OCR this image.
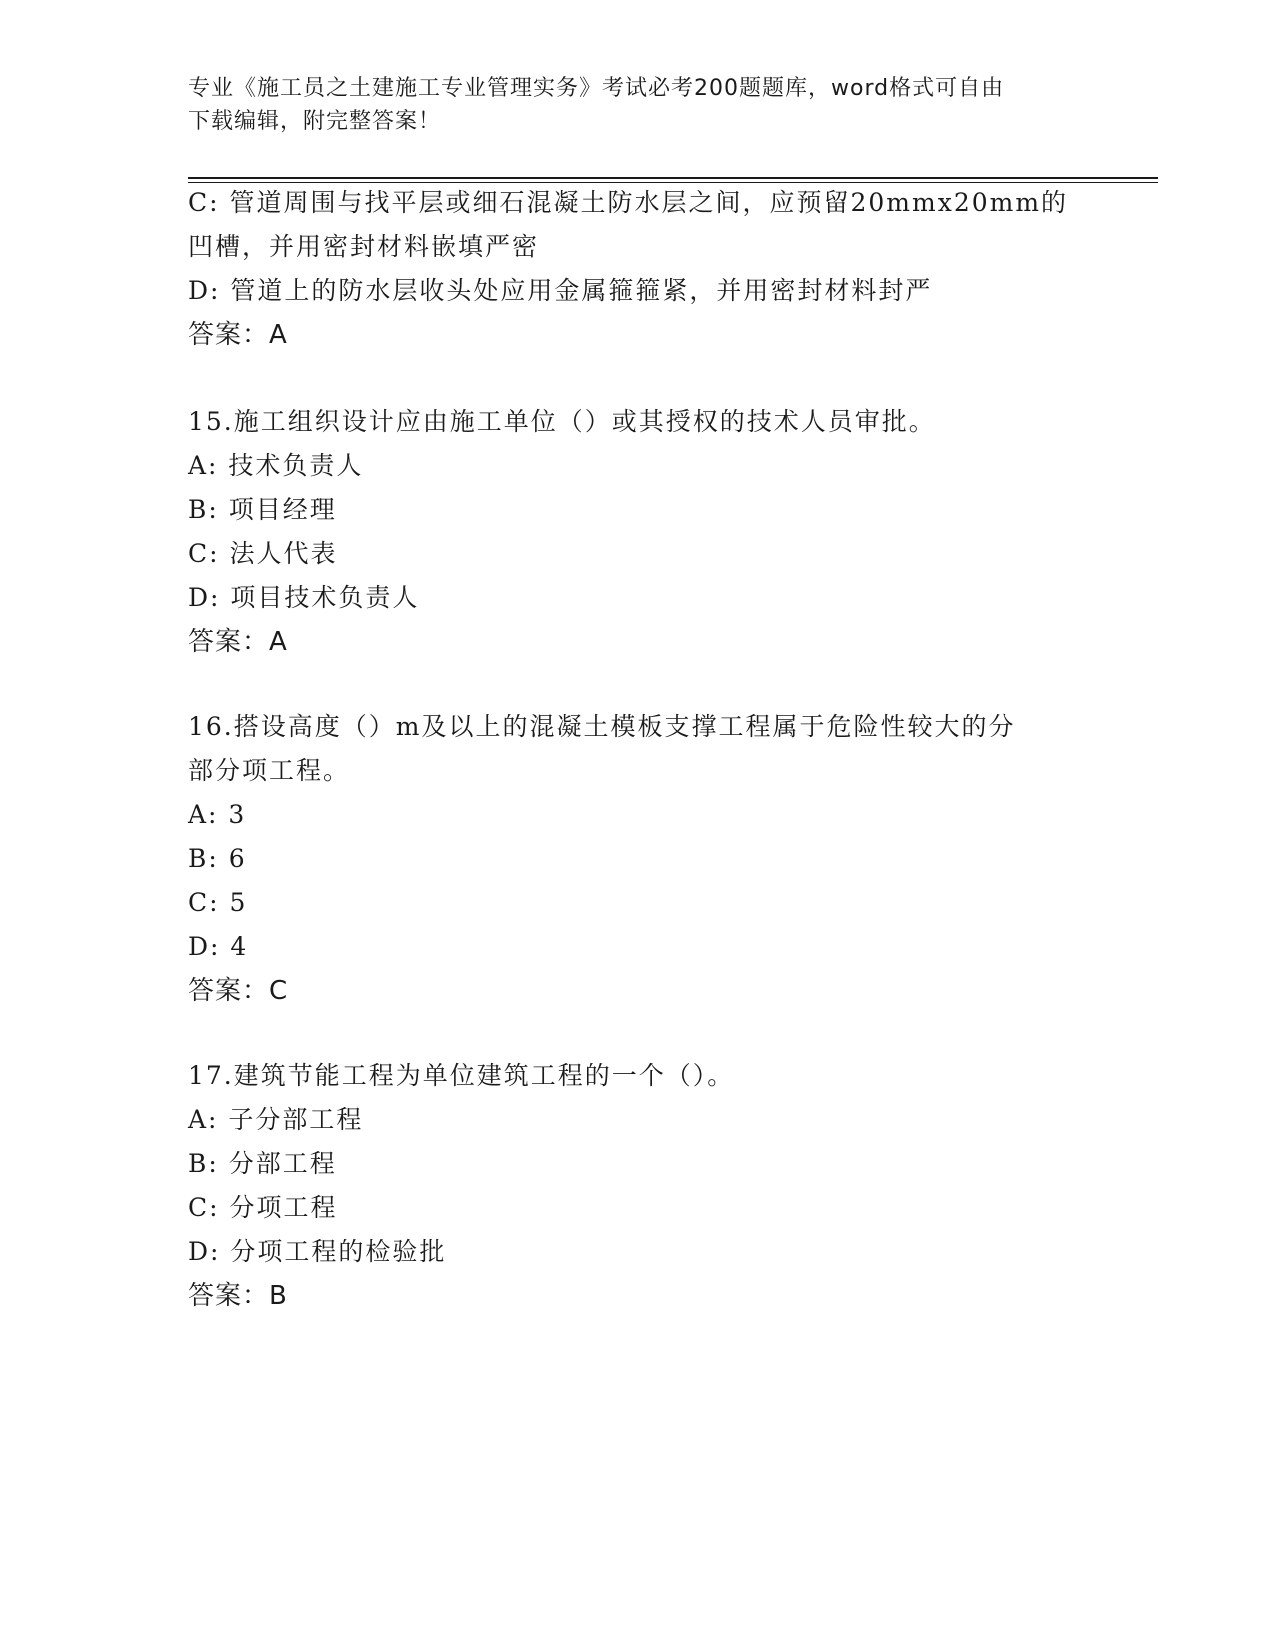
专业《施工员之土建施工专业管理实务》考试必考200题题库，word格式可自由
下载编辑，附完整答案！
C: 管道周围与找平层或细石混凝土防水层之间，应预留20mmx20mm的
凹槽，并用密封材料嵌填严密
D: 管道上的防水层收头处应用金属箍箍紧，并用密封材料封严
答案：A
15.施工组织设计应由施工单位（）或其授权的技术人员审批。
A: 技术负责人
B: 项目经理
C: 法人代表
D: 项目技术负责人
答案：A
16.搭设高度（）m及以上的混凝土模板支撑工程属于危险性较大的分
部分项工程。
A: 3
B: 6
C: 5
D: 4
答案：C
17.建筑节能工程为单位建筑工程的一个（）。
A: 子分部工程
B: 分部工程
C: 分项工程
D: 分项工程的检验批
答案：B
